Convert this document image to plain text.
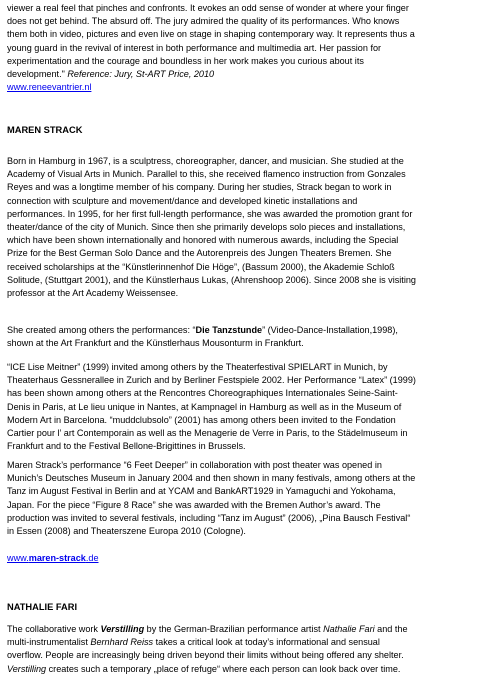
viewer a real feel that pinches and confronts. It evokes an odd sense of wonder at where your finger
does not get behind. The absurd off. The jury admired the quality of its performances. Who knows
them both in video, pictures and even live on stage in shaping contemporary way. It represents thus a
young guard in the revival of interest in both performance and multimedia art. Her passion for
experimentation and the courage and boundless in her work makes you curious about its
development." Reference: Jury, St-ART Price, 2010
www.reneevantrier.nl

MAREN STRACK

Born in Hamburg in 1967, is a sculptress, choreographer, dancer, and musician. She studied at the
Academy of Visual Arts in Munich. Parallel to this, she received flamenco instruction from Gonzales
Reyes and was a longtime member of his company. During her studies, Strack began to work in
connection with sculpture and movement/dance and developed kinetic installations and
performances. In 1995, for her first full-length performance, she was awarded the promotion grant for
theater/dance of the city of Munich. Since then she primarily develops solo pieces and installations,
which have been shown internationally and honored with numerous awards, including the Special
Prize for the Best German Solo Dance and the Autorenpreis des Jungen Theaters Bremen. She
received scholarships at the “Künstlerinnenhof Die Höge”, (Bassum 2000), the Akademie Schloß
Solitude, (Stuttgart 2001), and the Künstlerhaus Lukas, (Ahrenshoop 2006). Since 2008 she is visiting
professor at the Art Academy Weissensee.

She created among others the performances: “Die Tanzstunde” (Video-Dance-Installation,1998),
shown at the Art Frankfurt and the Künstlerhaus Mousonturm in Frankfurt.

“ICE Lise Meitner” (1999) invited among others by the Theaterfestival SPIELART in Munich, by
Theaterhaus Gessnerallee in Zurich and by Berliner Festspiele 2002. Her Performance “Latex” (1999)
has been shown among others at the Rencontres Choreographiques Internationales Seine-Saint-
Denis in Paris, at Le lieu unique in Nantes, at Kampnagel in Hamburg as well as in the Museum of
Modern Art in Barcelona. “muddclubsolo” (2001) has among others been invited to the Fondation
Cartier pour l’ art Contemporain as well as the Menagerie de Verre in Paris, to the Städelmuseum in
Frankfurt and to the Festival Bellone-Brigittines in Brussels.

Maren Strack’s performance “6 Feet Deeper” in collaboration with post theater was opened in
Munich’s Deutsches Museum in January 2004 and then shown in many festivals, among others at the
Tanz im August Festival in Berlin and at YCAM and BankART1929 in Yamaguchi and Yokohama,
Japan. For the piece “Figure 8 Race” she was awarded with the Bremen Author’s award. The
production was invited to several festivals, including “Tanz im August” (2006), „Pina Bausch Festival“
in Essen (2008) and Theaterszene Europa 2010 (Cologne).

www.maren-strack.de

NATHALIE FARI

The collaborative work Verstilling by the German-Brazilian performance artist Nathalie Fari and the
multi-instrumentalist Bernhard Reiss takes a critical look at today’s informational and sensual
overflow. People are increasingly being driven beyond their limits without being offered any shelter.
Verstilling creates such a temporary „place of refuge“ where each person can look back over time.
